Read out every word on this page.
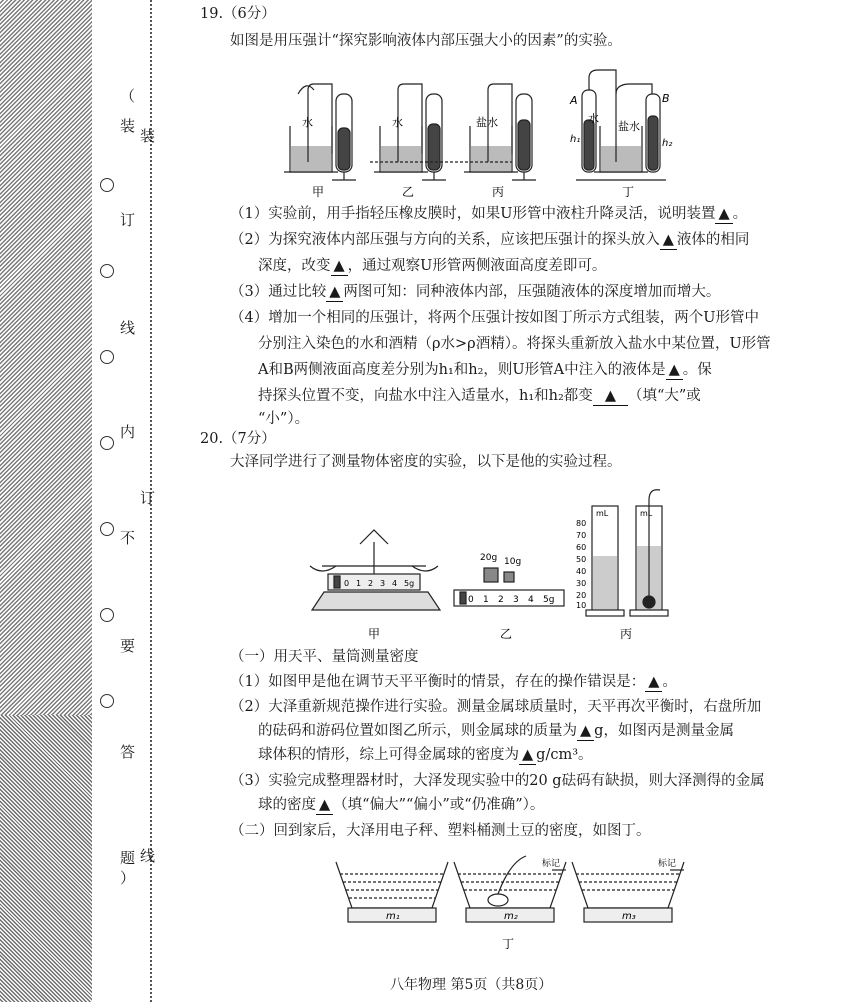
（
装
订
线
内
不
要
答
题
）
装
订
线
19.（6分）
如图是用压强计“探究影响液体内部压强大小的因素”的实验。
水	水	盐水	水
盐水
A	B
h₁	h₂
甲	乙	丙	丁
（1）实验前，用手指轻压橡皮膜时，如果U形管中液柱升降灵活，说明装置 ▲ 。
（2）为探究液体内部压强与方向的关系，应该把压强计的探头放入 ▲ 液体的相同
深度，改变 ▲ ，通过观察U形管两侧液面高度差即可。
（3）通过比较 ▲ 两图可知：同种液体内部，压强随液体的深度增加而增大。
（4）增加一个相同的压强计，将两个压强计按如图丁所示方式组装，两个U形管中
分别注入染色的水和酒精（ρ水>ρ酒精）。将探头重新放入盐水中某位置，U形管
A和B两侧液面高度差分别为h₁和h₂，则U形管A中注入的液体是 ▲ 。保
持探头位置不变，向盐水中注入适量水，h₁和h₂都变 ▲ （填“大”或
“小”）。
20.（7分）
大泽同学进行了测量物体密度的实验，以下是他的实验过程。
0 1 2 3 4 5g
甲
20g 10g
0 1 2 3 4 5g
乙
mL	mL
80
70
60
50
40
30
20
10
丙
（一）用天平、量筒测量密度
（1）如图甲是他在调节天平平衡时的情景，存在的操作错误是： ▲ 。
（2）大泽重新规范操作进行实验。测量金属球质量时，天平再次平衡时，右盘所加
的砝码和游码位置如图乙所示，则金属球的质量为 ▲ g，如图丙是测量金属
球体积的情形，综上可得金属球的密度为 ▲ g/cm³。
（3）实验完成整理器材时，大泽发现实验中的20 g砝码有缺损，则大泽测得的金属
球的密度 ▲ （填“偏大”“偏小”或“仍准确”）。
（二）回到家后，大泽用电子秤、塑料桶测土豆的密度，如图丁。
m₁	m₂	m₃
标记	标记
丁
八年物理 第5页（共8页）
